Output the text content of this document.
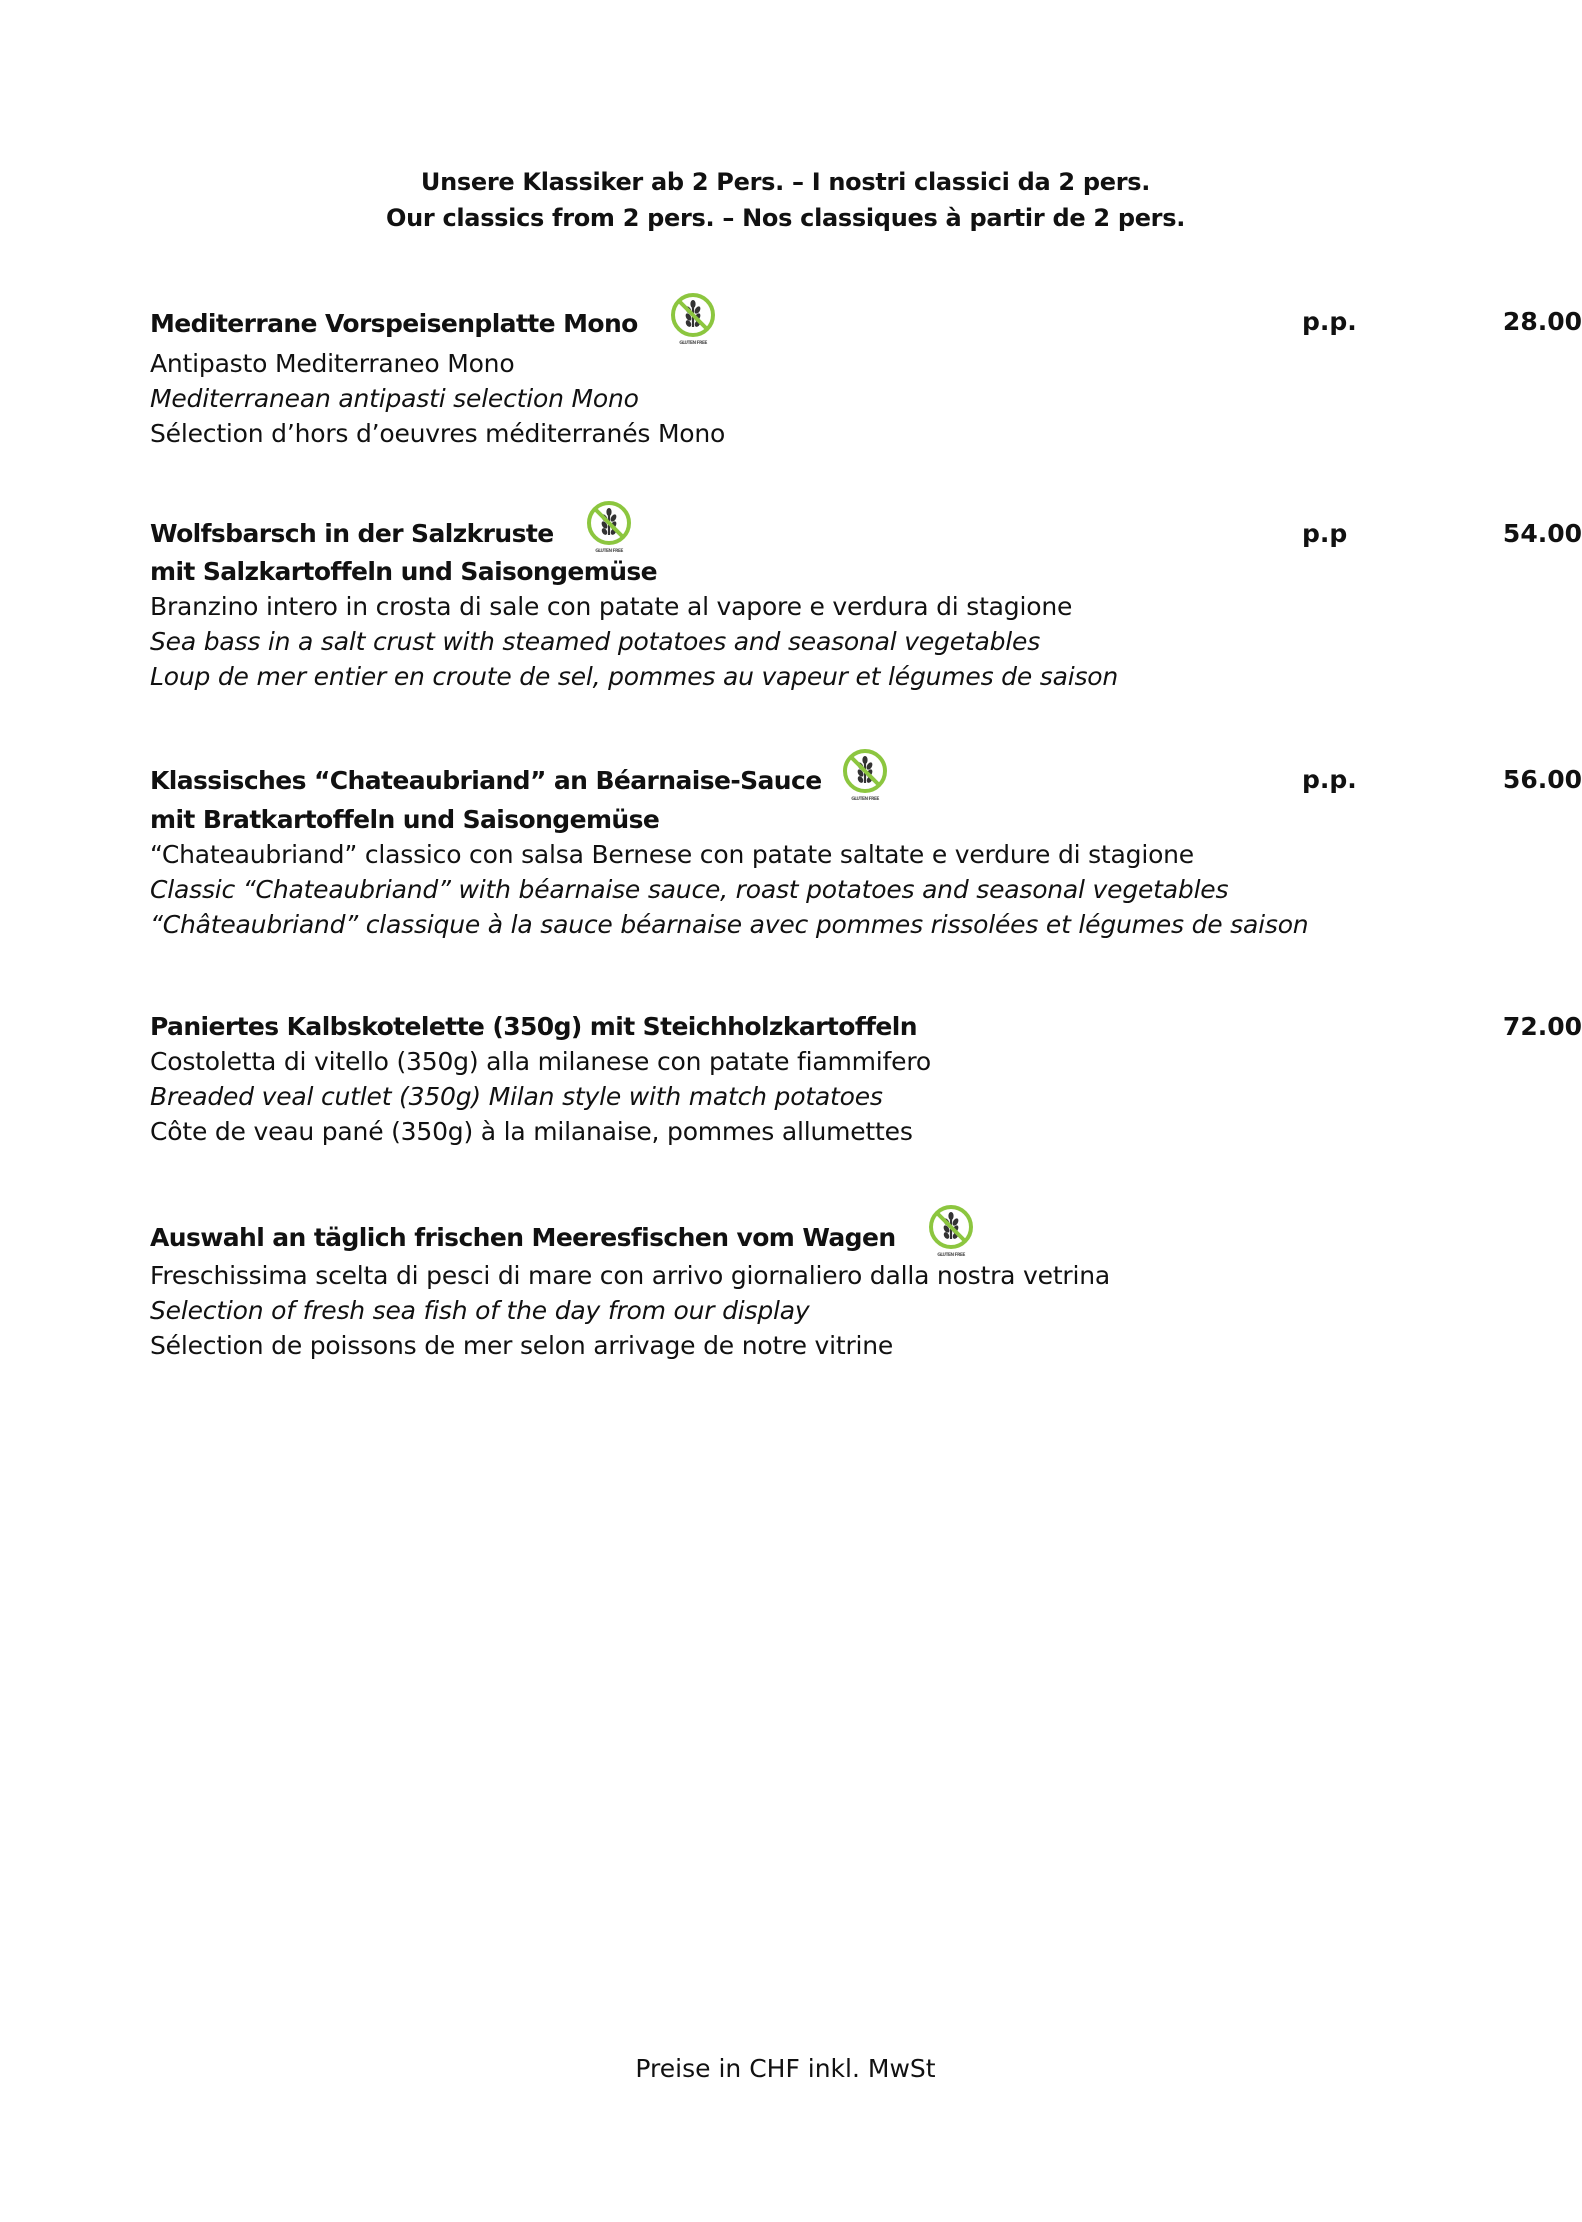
Unsere Klassiker ab 2 Pers. – I nostri classici da 2 pers.
Our classics from 2 pers. – Nos classiques à partir de 2 pers.
Mediterrane Vorspeisenplatte Mono	p.p.	28.00
Antipasto Mediterraneo Mono
Mediterranean antipasti selection Mono
Sélection d’hors d’oeuvres méditerranés Mono
Wolfsbarsch in der Salzkruste
mit Salzkartoffeln und Saisongemüse
p.p	54.00
Branzino intero in crosta di sale con patate al vapore e verdura di stagione
Sea bass in a salt crust with steamed potatoes and seasonal vegetables
Loup de mer entier en croute de sel, pommes au vapeur et légumes de saison
Klassisches “Chateaubriand” an Béarnaise-Sauce
mit Bratkartoffeln und Saisongemüse
p.p.	56.00
“Chateaubriand” classico con salsa Bernese con patate saltate e verdure di stagione
Classic “Chateaubriand” with béarnaise sauce, roast potatoes and seasonal vegetables
“Châteaubriand” classique à la sauce béarnaise avec pommes rissolées et légumes de saison
Paniertes Kalbskotelette (350g) mit Steichholzkartoffeln	72.00
Costoletta di vitello (350g) alla milanese con patate fiammifero
Breaded veal cutlet (350g) Milan style with match potatoes
Côte de veau pané (350g) à la milanaise, pommes allumettes
Auswahl an täglich frischen Meeresfischen vom Wagen
Freschissima scelta di pesci di mare con arrivo giornaliero dalla nostra vetrina
Selection of fresh sea fish of the day from our display
Sélection de poissons de mer selon arrivage de notre vitrine
Preise in CHF inkl. MwSt
